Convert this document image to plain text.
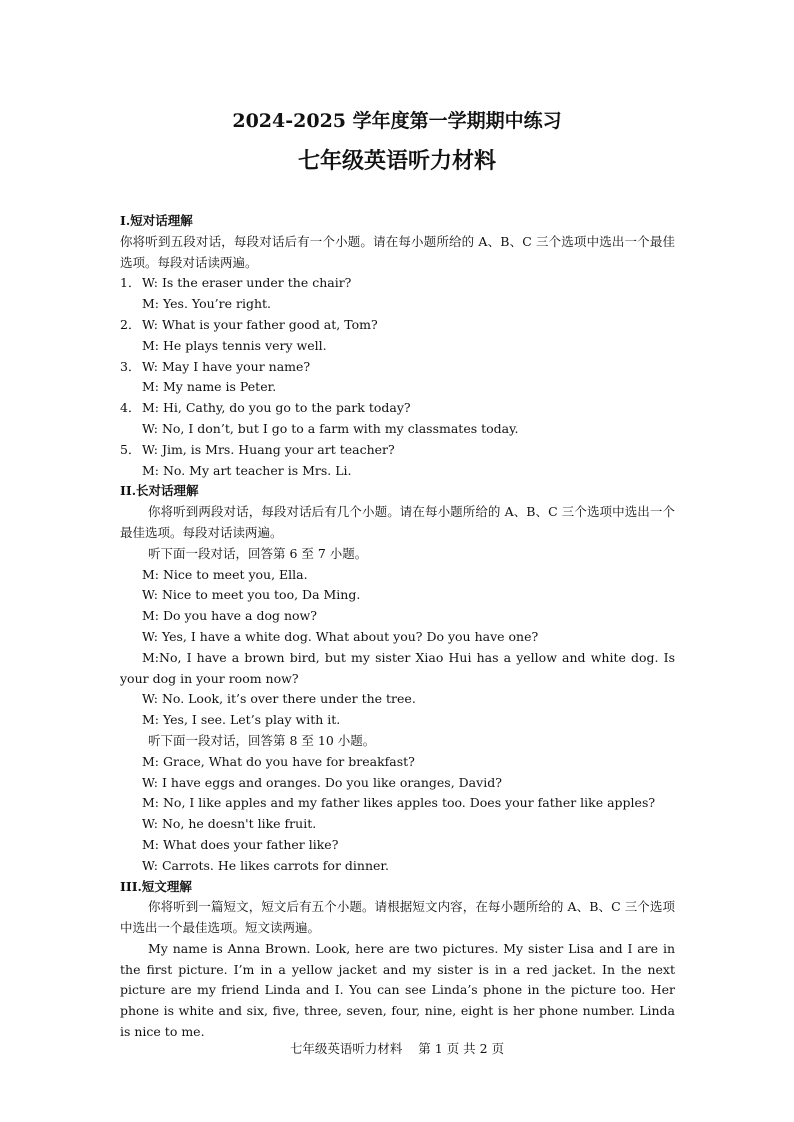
2024-2025 学年度第一学期期中练习
七年级英语听力材料
I.短对话理解
你将听到五段对话，每段对话后有一个小题。请在每小题所给的 A、B、C 三个选项中选出一个最佳选项。每段对话读两遍。
1． W: Is the eraser under the chair?
M: Yes. You’re right.
2． W: What is your father good at, Tom?
M: He plays tennis very well.
3． W: May I have your name?
M: My name is Peter.
4． M: Hi, Cathy, do you go to the park today?
W: No, I don’t, but I go to a farm with my classmates today.
5． W: Jim, is Mrs. Huang your art teacher?
M: No. My art teacher is Mrs. Li.
II.长对话理解
你将听到两段对话，每段对话后有几个小题。请在每小题所给的 A、B、C 三个选项中选出一个最佳选项。每段对话读两遍。
听下面一段对话，回答第 6 至 7 小题。
M: Nice to meet you, Ella.
W: Nice to meet you too, Da Ming.
M: Do you have a dog now?
W: Yes, I have a white dog. What about you? Do you have one?
M:No, I have a brown bird, but my sister Xiao Hui has a yellow and white dog. Is your dog in your room now?
W: No. Look, it’s over there under the tree.
M: Yes, I see. Let’s play with it.
听下面一段对话，回答第 8 至 10 小题。
M: Grace, What do you have for breakfast?
W: I have eggs and oranges. Do you like oranges, David?
M: No, I like apples and my father likes apples too. Does your father like apples?
W: No, he doesn't like fruit.
M: What does your father like?
W: Carrots. He likes carrots for dinner.
III.短文理解
你将听到一篇短文，短文后有五个小题。请根据短文内容，在每小题所给的 A、B、C 三个选项中选出一个最佳选项。短文读两遍。
My name is Anna Brown. Look, here are two pictures. My sister Lisa and I are in the first picture. I’m in a yellow jacket and my sister is in a red jacket. In the next picture are my friend Linda and I. You can see Linda’s phone in the picture too. Her phone is white and six, five, three, seven, four, nine, eight is her phone number. Linda is nice to me.
七年级英语听力材料    第 1 页 共 2 页
